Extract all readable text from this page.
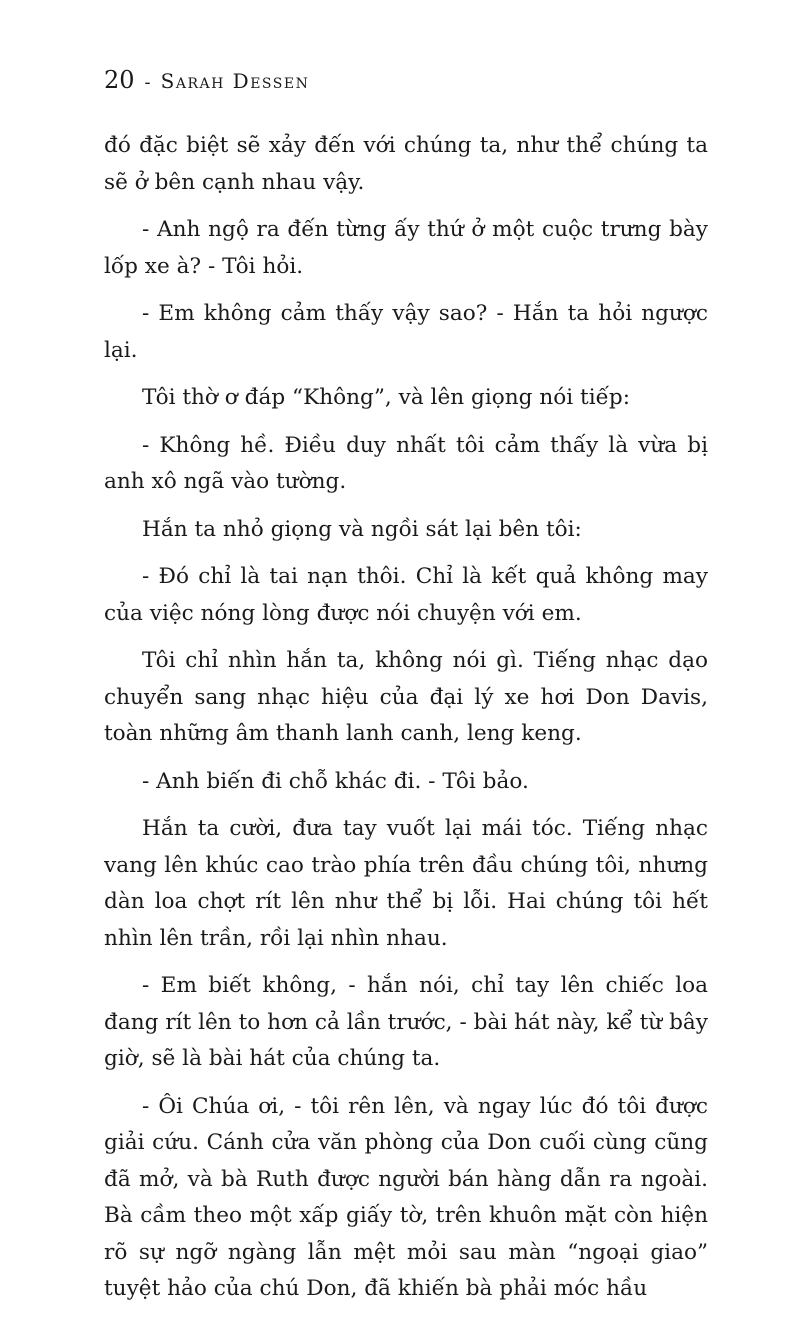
20 - Sarah Dessen

đó đặc biệt sẽ xảy đến với chúng ta, như thể chúng ta sẽ ở bên cạnh nhau vậy.

- Anh ngộ ra đến từng ấy thứ ở một cuộc trưng bày lốp xe à? - Tôi hỏi.

- Em không cảm thấy vậy sao? - Hắn ta hỏi ngược lại.

Tôi thờ ơ đáp “Không”, và lên giọng nói tiếp:

- Không hề. Điều duy nhất tôi cảm thấy là vừa bị anh xô ngã vào tường.

Hắn ta nhỏ giọng và ngồi sát lại bên tôi:

- Đó chỉ là tai nạn thôi. Chỉ là kết quả không may của việc nóng lòng được nói chuyện với em.

Tôi chỉ nhìn hắn ta, không nói gì. Tiếng nhạc dạo chuyển sang nhạc hiệu của đại lý xe hơi Don Davis, toàn những âm thanh lanh canh, leng keng.

- Anh biến đi chỗ khác đi. - Tôi bảo.

Hắn ta cười, đưa tay vuốt lại mái tóc. Tiếng nhạc vang lên khúc cao trào phía trên đầu chúng tôi, nhưng dàn loa chợt rít lên như thể bị lỗi. Hai chúng tôi hết nhìn lên trần, rồi lại nhìn nhau.

- Em biết không, - hắn nói, chỉ tay lên chiếc loa đang rít lên to hơn cả lần trước, - bài hát này, kể từ bây giờ, sẽ là bài hát của chúng ta.

- Ôi Chúa ơi, - tôi rên lên, và ngay lúc đó tôi được giải cứu. Cánh cửa văn phòng của Don cuối cùng cũng đã mở, và bà Ruth được người bán hàng dẫn ra ngoài. Bà cầm theo một xấp giấy tờ, trên khuôn mặt còn hiện rõ sự ngỡ ngàng lẫn mệt mỏi sau màn “ngoại giao” tuyệt hảo của chú Don, đã khiến bà phải móc hầu
